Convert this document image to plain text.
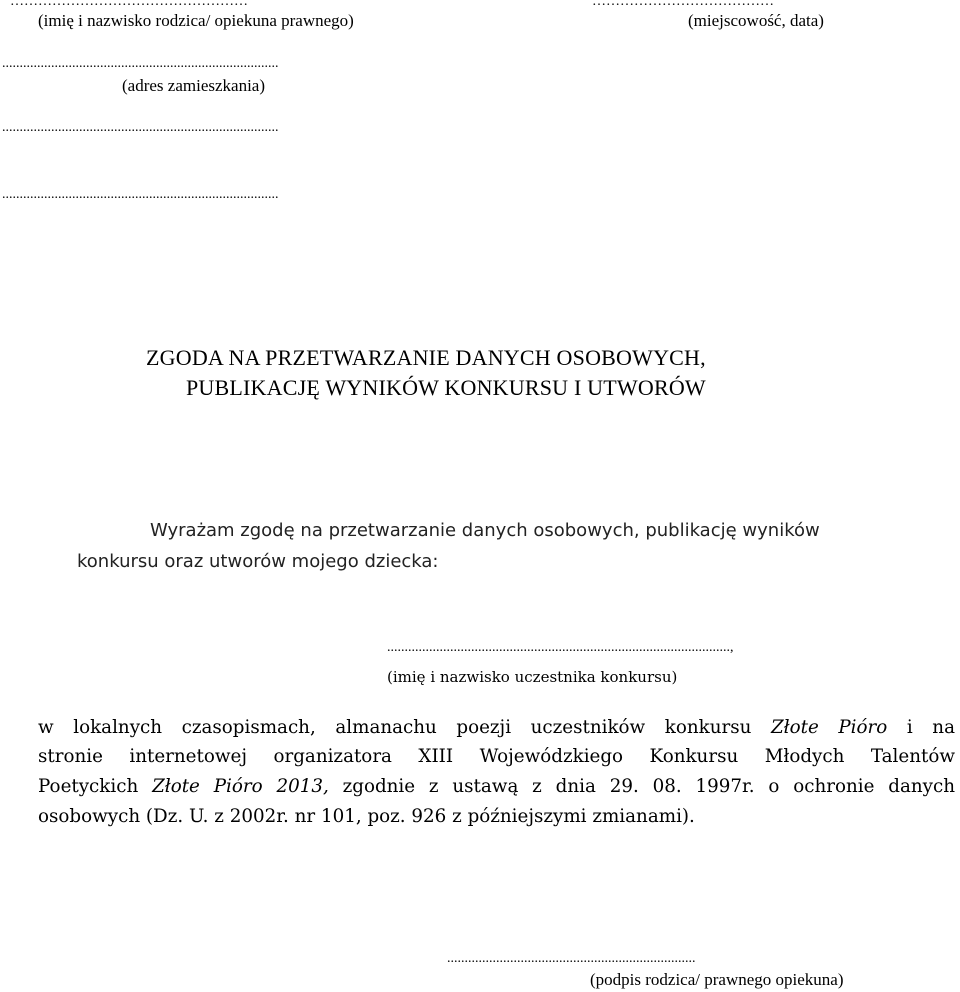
……………………………………………
(imię i nazwisko rodzica/ opiekuna prawnego)
…………………………………
(miejscowość, data)
...............................................................................
(adres zamieszkania)
...............................................................................
...............................................................................
ZGODA NA PRZETWARZANIE DANYCH OSOBOWYCH,
PUBLIKACJĘ WYNIKÓW KONKURSU I UTWORÓW
Wyrażam zgodę na przetwarzanie danych osobowych, publikację wyników
konkursu oraz utworów mojego dziecka:
..................................................................................................,
(imię i nazwisko uczestnika konkursu)
w lokalnych czasopismach, almanachu poezji uczestników konkursu Złote Pióro i na
stronie internetowej organizatora XIII Wojewódzkiego Konkursu Młodych Talentów
Poetyckich Złote Pióro 2013, zgodnie z ustawą z dnia 29. 08. 1997r. o ochronie danych
osobowych (Dz. U. z 2002r. nr 101, poz. 926 z późniejszymi zmianami).
.......................................................................
(podpis rodzica/ prawnego opiekuna)
